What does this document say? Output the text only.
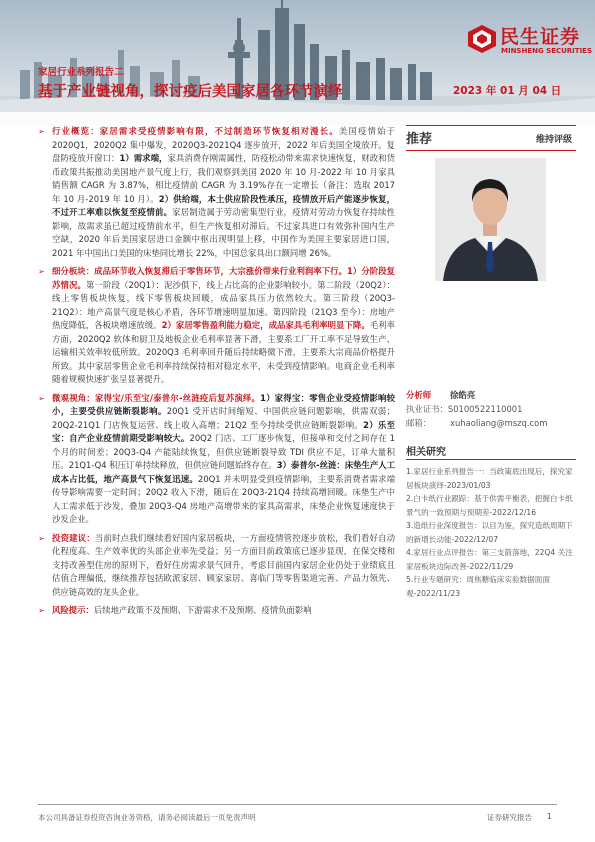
民生证券
MINSHENG SECURITIES
家居行业系列报告二
基于产业链视角，探讨疫后美国家居各环节演绎	2023 年 01 月 04 日
➢ 行业概览：家居需求受疫情影响有限，不过制造环节恢复相对漫长。美国疫情始于 2020Q1，2020Q2 集中爆发，2020Q3-2021Q4 逐步放开，2022 年后美国全境放开。复盘防疫放开窗口：1）需求端，家具消费存刚需属性，防疫松动带来需求快速恢复，财政和货币政策共振推动美国地产景气度上行，我们观察到美国 2020 年 10 月-2022 年 10 月家具销售额 CAGR 为 3.87%，相比疫情前 CAGR 为 3.19%存在一定增长（备注：选取 2017 年 10 月-2019 年 10 月）。2）供给端，本土供应阶段性承压，疫情放开后产能逐步恢复，不过开工率难以恢复至疫情前。家居制造属于劳动密集型行业，疫情对劳动力恢复存持续性影响，故需求虽已超过疫情前水平，但生产恢复相对滞后。不过家具进口有效弥补国内生产空缺，2020 年后美国家居进口金额中枢出现明显上移，中国作为美国主要家居进口国，2021 年中国出口美国的床垫同比增长 22%，中国总家具出口额同增 26%。
➢ 细分板块：成品环节收入恢复滞后于零售环节，大宗涨价带来行业利润率下行。1）分阶段复苏情况。第一阶段（20Q1）：泥沙俱下，线上占比高的企业影响较小。第二阶段（20Q2）：线上零售板块恢复，线下零售板块回暖，成品家具压力依然较大。第三阶段（20Q3-21Q2）：地产高景气度是核心矛盾，各环节增速明显加速。第四阶段（21Q3 至今）：房地产热度降低，各板块增速放缓。2）家居零售盈利能力稳定，成品家具毛利率明显下降。毛利率方面，2020Q2 软体和厨卫及地板企业毛利率显著下滑，主要系工厂开工率不足导致生产、运输相关效率较低所致。2020Q3 毛利率回升随后持续略微下滑，主要系大宗商品价格提升所致。其中家居零售企业毛利率持续保持相对稳定水平，未受到疫情影响。电商企业毛利率随着规模快速扩张呈显著提升。
➢ 微观视角：家得宝/乐至宝/泰普尔-丝涟疫后复苏演绎。1）家得宝：零售企业受疫情影响较小，主要受供应链断裂影响。20Q1 受开店时间缩短、中国供应链问题影响，供需双弱；20Q2-21Q1 门店恢复运营、线上收入高增；21Q2 至今持续受供应链断裂影响。2）乐至宝：自产企业疫情前期受影响较大。20Q2 门店、工厂逐步恢复，但接单和交付之间存在 1 个月的时间差；20Q3-Q4 产能陆续恢复，但供应链断裂导致 TDI 供应不足，订单大量积压。21Q1-Q4 积压订单持续释放，但供应链问题始终存在。3）泰普尔-丝涟：床垫生产人工成本占比低，地产高景气下恢复迅速。20Q1 并未明显受到疫情影响，主要系消费者需求端传导影响需要一定时间；20Q2 收入下滑，随后在 20Q3-21Q4 持续高增回暖。床垫生产中人工需求低于沙发，叠加 20Q3-Q4 房地产高增带来的家具高需求，床垫企业恢复速度快于沙发企业。
➢ 投资建议：当前时点我们继续看好国内家居板块，一方面疫情管控逐步放松，我们看好自动化程度高、生产效率优的头部企业率先受益；另一方面目前政策底已逐步显现，在保交楼和支持改善型住房的原则下，看好住房需求景气回升，考虑目前国内家居企业仍处于业绩底且估值合理偏低，继续推荐包括欧派家居、顾家家居、喜临门等零售渠道完善、产品力领先、供应链高效的龙头企业。
➢ 风险提示：后续地产政策不及预期、下游需求不及预期、疫情负面影响
推荐	维持评级
分析师 徐皓亮
执业证书：S0100522110001
邮箱： xuhaoliang@mszq.com
相关研究
1.家居行业系列报告一：当政策底出现后，探究家居板块演绎-2023/01/03
2.白卡纸行业跟踪：基于供需平衡表，把握白卡纸景气的一致预期与预期差-2022/12/16
3.造纸行业深度报告：以目为鉴，探究造纸周期下的新增长动能-2022/12/07
4.家居行业点评报告：第三支箭落地，22Q4 关注家居板块边际改善-2022/11/29
5.行业专题研究：周焦糖临床实验数据面面观-2022/11/23
本公司具备证券投资咨询业务资格，请务必阅读最后一页免责声明	证券研究报告 1
